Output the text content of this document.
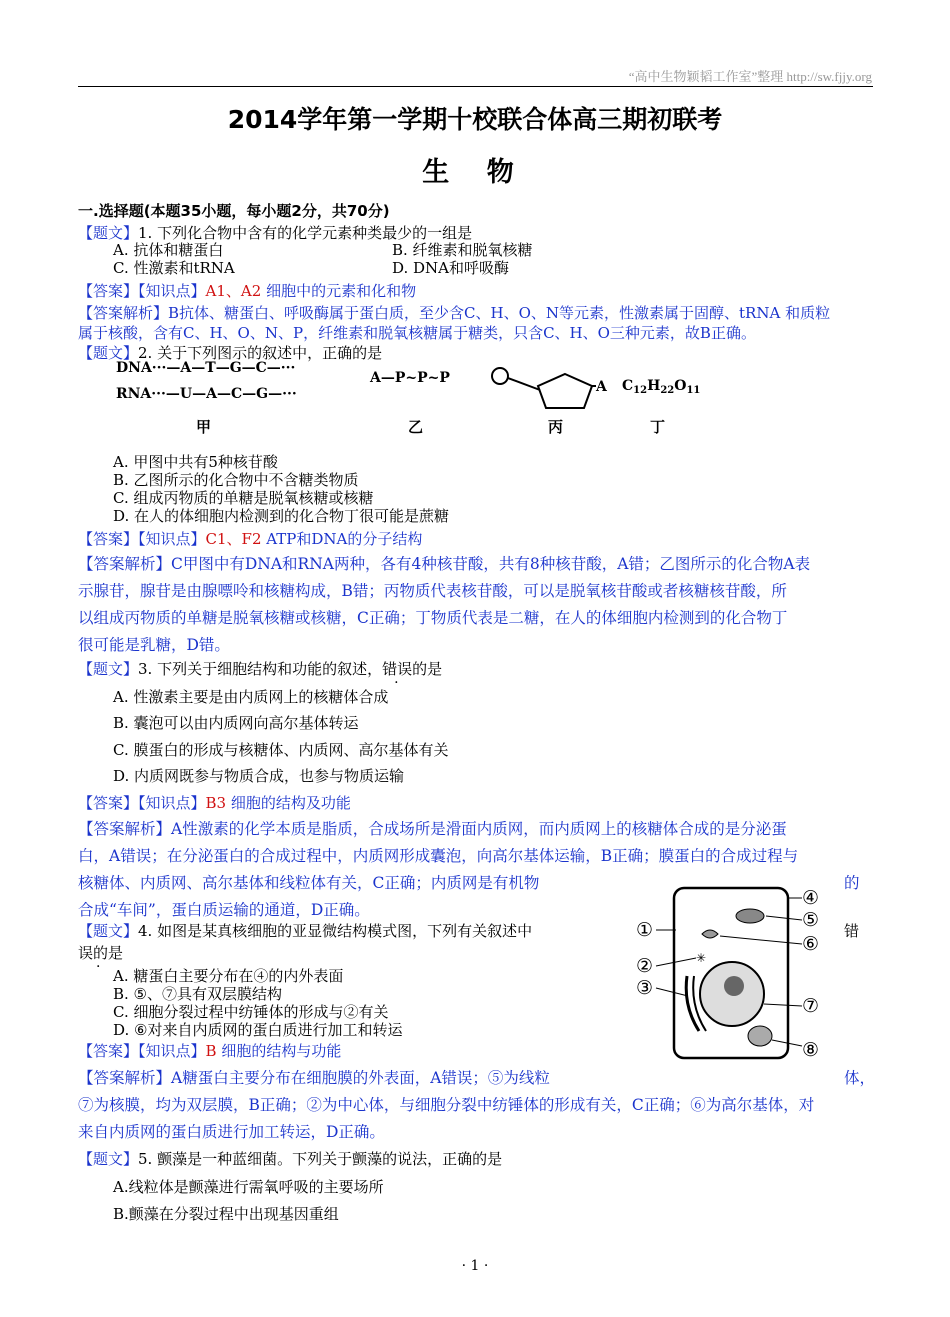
“高中生物颖韬工作室”整理 http://sw.fjjy.org
2014学年第一学期十校联合体高三期初联考
生 物
一.选择题(本题35小题，每小题2分，共70分)
【题文】1. 下列化合物中含有的化学元素种类最少的一组是
A. 抗体和糖蛋白	B. 纤维素和脱氧核糖
C. 性激素和tRNA	D. DNA和呼吸酶
【答案】【知识点】A1、A2 细胞中的元素和化和物
【答案解析】B抗体、糖蛋白、呼吸酶属于蛋白质，至少含C、H、O、N等元素，性激素属于固醇、tRNA 和质粒
属于核酸，含有C、H、O、N、P，纤维素和脱氧核糖属于糖类，只含C、H、O三种元素，故B正确。
【题文】2. 关于下列图示的叙述中，正确的是
DNA···—A—T—G—C—···
RNA···—U—A—C—G—···
A—P~P~P
A $C_{12}H_{22}O_{11}$
甲	乙	丙	丁
A. 甲图中共有5种核苷酸
B. 乙图所示的化合物中不含糖类物质
C. 组成丙物质的单糖是脱氧核糖或核糖
D. 在人的体细胞内检测到的化合物丁很可能是蔗糖
【答案】【知识点】C1、F2 ATP和DNA的分子结构
【答案解析】C甲图中有DNA和RNA两种，各有4种核苷酸，共有8种核苷酸，A错；乙图所示的化合物A表
示腺苷，腺苷是由腺嘌呤和核糖构成，B错；丙物质代表核苷酸，可以是脱氧核苷酸或者核糖核苷酸，所
以组成丙物质的单糖是脱氧核糖或核糖，C正确；丁物质代表是二糖，在人的体细胞内检测到的化合物丁
很可能是乳糖，D错。
【题文】3. 下列关于细胞结构和功能的叙述，错误的是
A. 性激素主要是由内质网上的核糖体合成
B. 囊泡可以由内质网向高尔基体转运
C. 膜蛋白的形成与核糖体、内质网、高尔基体有关
D. 内质网既参与物质合成，也参与物质运输
【答案】【知识点】B3 细胞的结构及功能
【答案解析】A性激素的化学本质是脂质，合成场所是滑面内质网，而内质网上的核糖体合成的是分泌蛋
白，A错误；在分泌蛋白的合成过程中，内质网形成囊泡，向高尔基体运输，B正确；膜蛋白的合成过程与
核糖体、内质网、高尔基体和线粒体有关，C正确；内质网是有机物	的
合成“车间”，蛋白质运输的通道，D正确。
【题文】4. 如图是某真核细胞的亚显微结构模式图，下列有关叙述中	错
误的是
A. 糖蛋白主要分布在④的内外表面
B. ⑤、⑦具有双层膜结构
C. 细胞分裂过程中纺锤体的形成与②有关
D. ⑥对来自内质网的蛋白质进行加工和转运
✳
④
⑤
⑥
①
②
③
⑦
⑧
【答案】【知识点】B 细胞的结构与功能
【答案解析】A糖蛋白主要分布在细胞膜的外表面，A错误；⑤为线粒	体，
⑦为核膜，均为双层膜，B正确；②为中心体，与细胞分裂中纺锤体的形成有关，C正确；⑥为高尔基体，对
来自内质网的蛋白质进行加工转运，D正确。
【题文】5. 颤藻是一种蓝细菌。下列关于颤藻的说法，正确的是
A.线粒体是颤藻进行需氧呼吸的主要场所
B.颤藻在分裂过程中出现基因重组
· 1 ·
